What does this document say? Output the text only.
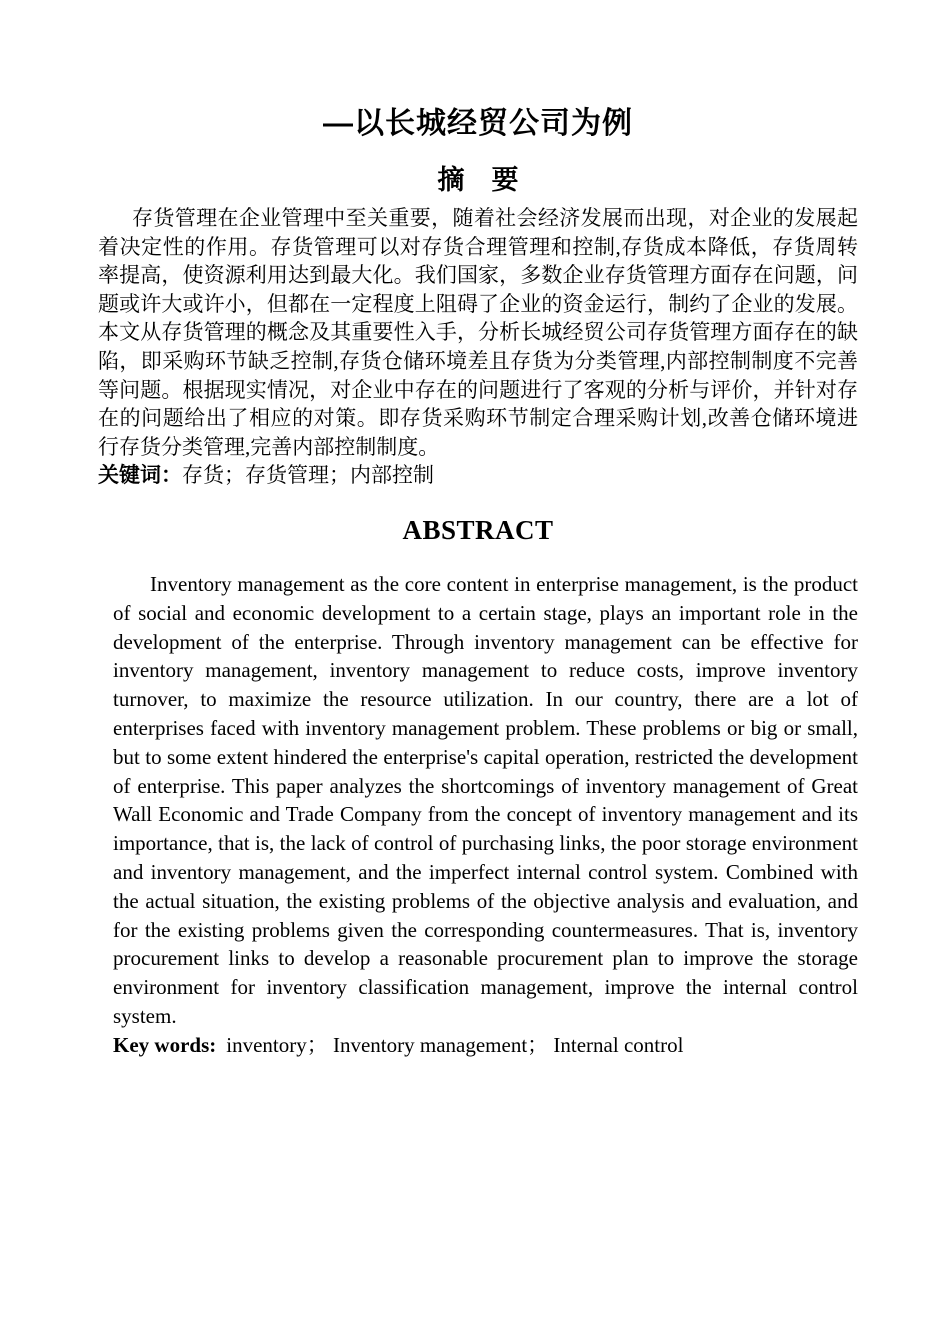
—以长城经贸公司为例
摘　要

存货管理在企业管理中至关重要，随着社会经济发展而出现，对企业的发展起着决定性的作用。存货管理可以对存货合理管理和控制,存货成本降低，存货周转率提高，使资源利用达到最大化。我们国家，多数企业存货管理方面存在问题，问题或许大或许小，但都在一定程度上阻碍了企业的资金运行，制约了企业的发展。本文从存货管理的概念及其重要性入手，分析长城经贸公司存货管理方面存在的缺陷，即采购环节缺乏控制,存货仓储环境差且存货为分类管理,内部控制制度不完善等问题。根据现实情况，对企业中存在的问题进行了客观的分析与评价，并针对存在的问题给出了相应的对策。即存货采购环节制定合理采购计划,改善仓储环境进行存货分类管理,完善内部控制制度。

关键词：存货；存货管理；内部控制

ABSTRACT

Inventory management as the core content in enterprise management, is the product of social and economic development to a certain stage, plays an important role in the development of the enterprise. Through inventory management can be effective for inventory management, inventory management to reduce costs, improve inventory turnover, to maximize the resource utilization. In our country, there are a lot of enterprises faced with inventory management problem. These problems or big or small, but to some extent hindered the enterprise's capital operation, restricted the development of enterprise. This paper analyzes the shortcomings of inventory management of Great Wall Economic and Trade Company from the concept of inventory management and its importance, that is, the lack of control of purchasing links, the poor storage environment and inventory management, and the imperfect internal control system. Combined with the actual situation, the existing problems of the objective analysis and evaluation, and for the existing problems given the corresponding countermeasures. That is, inventory procurement links to develop a reasonable procurement plan to improve the storage environment for inventory classification management, improve the internal control system.

Key words: inventory； Inventory management； Internal control
